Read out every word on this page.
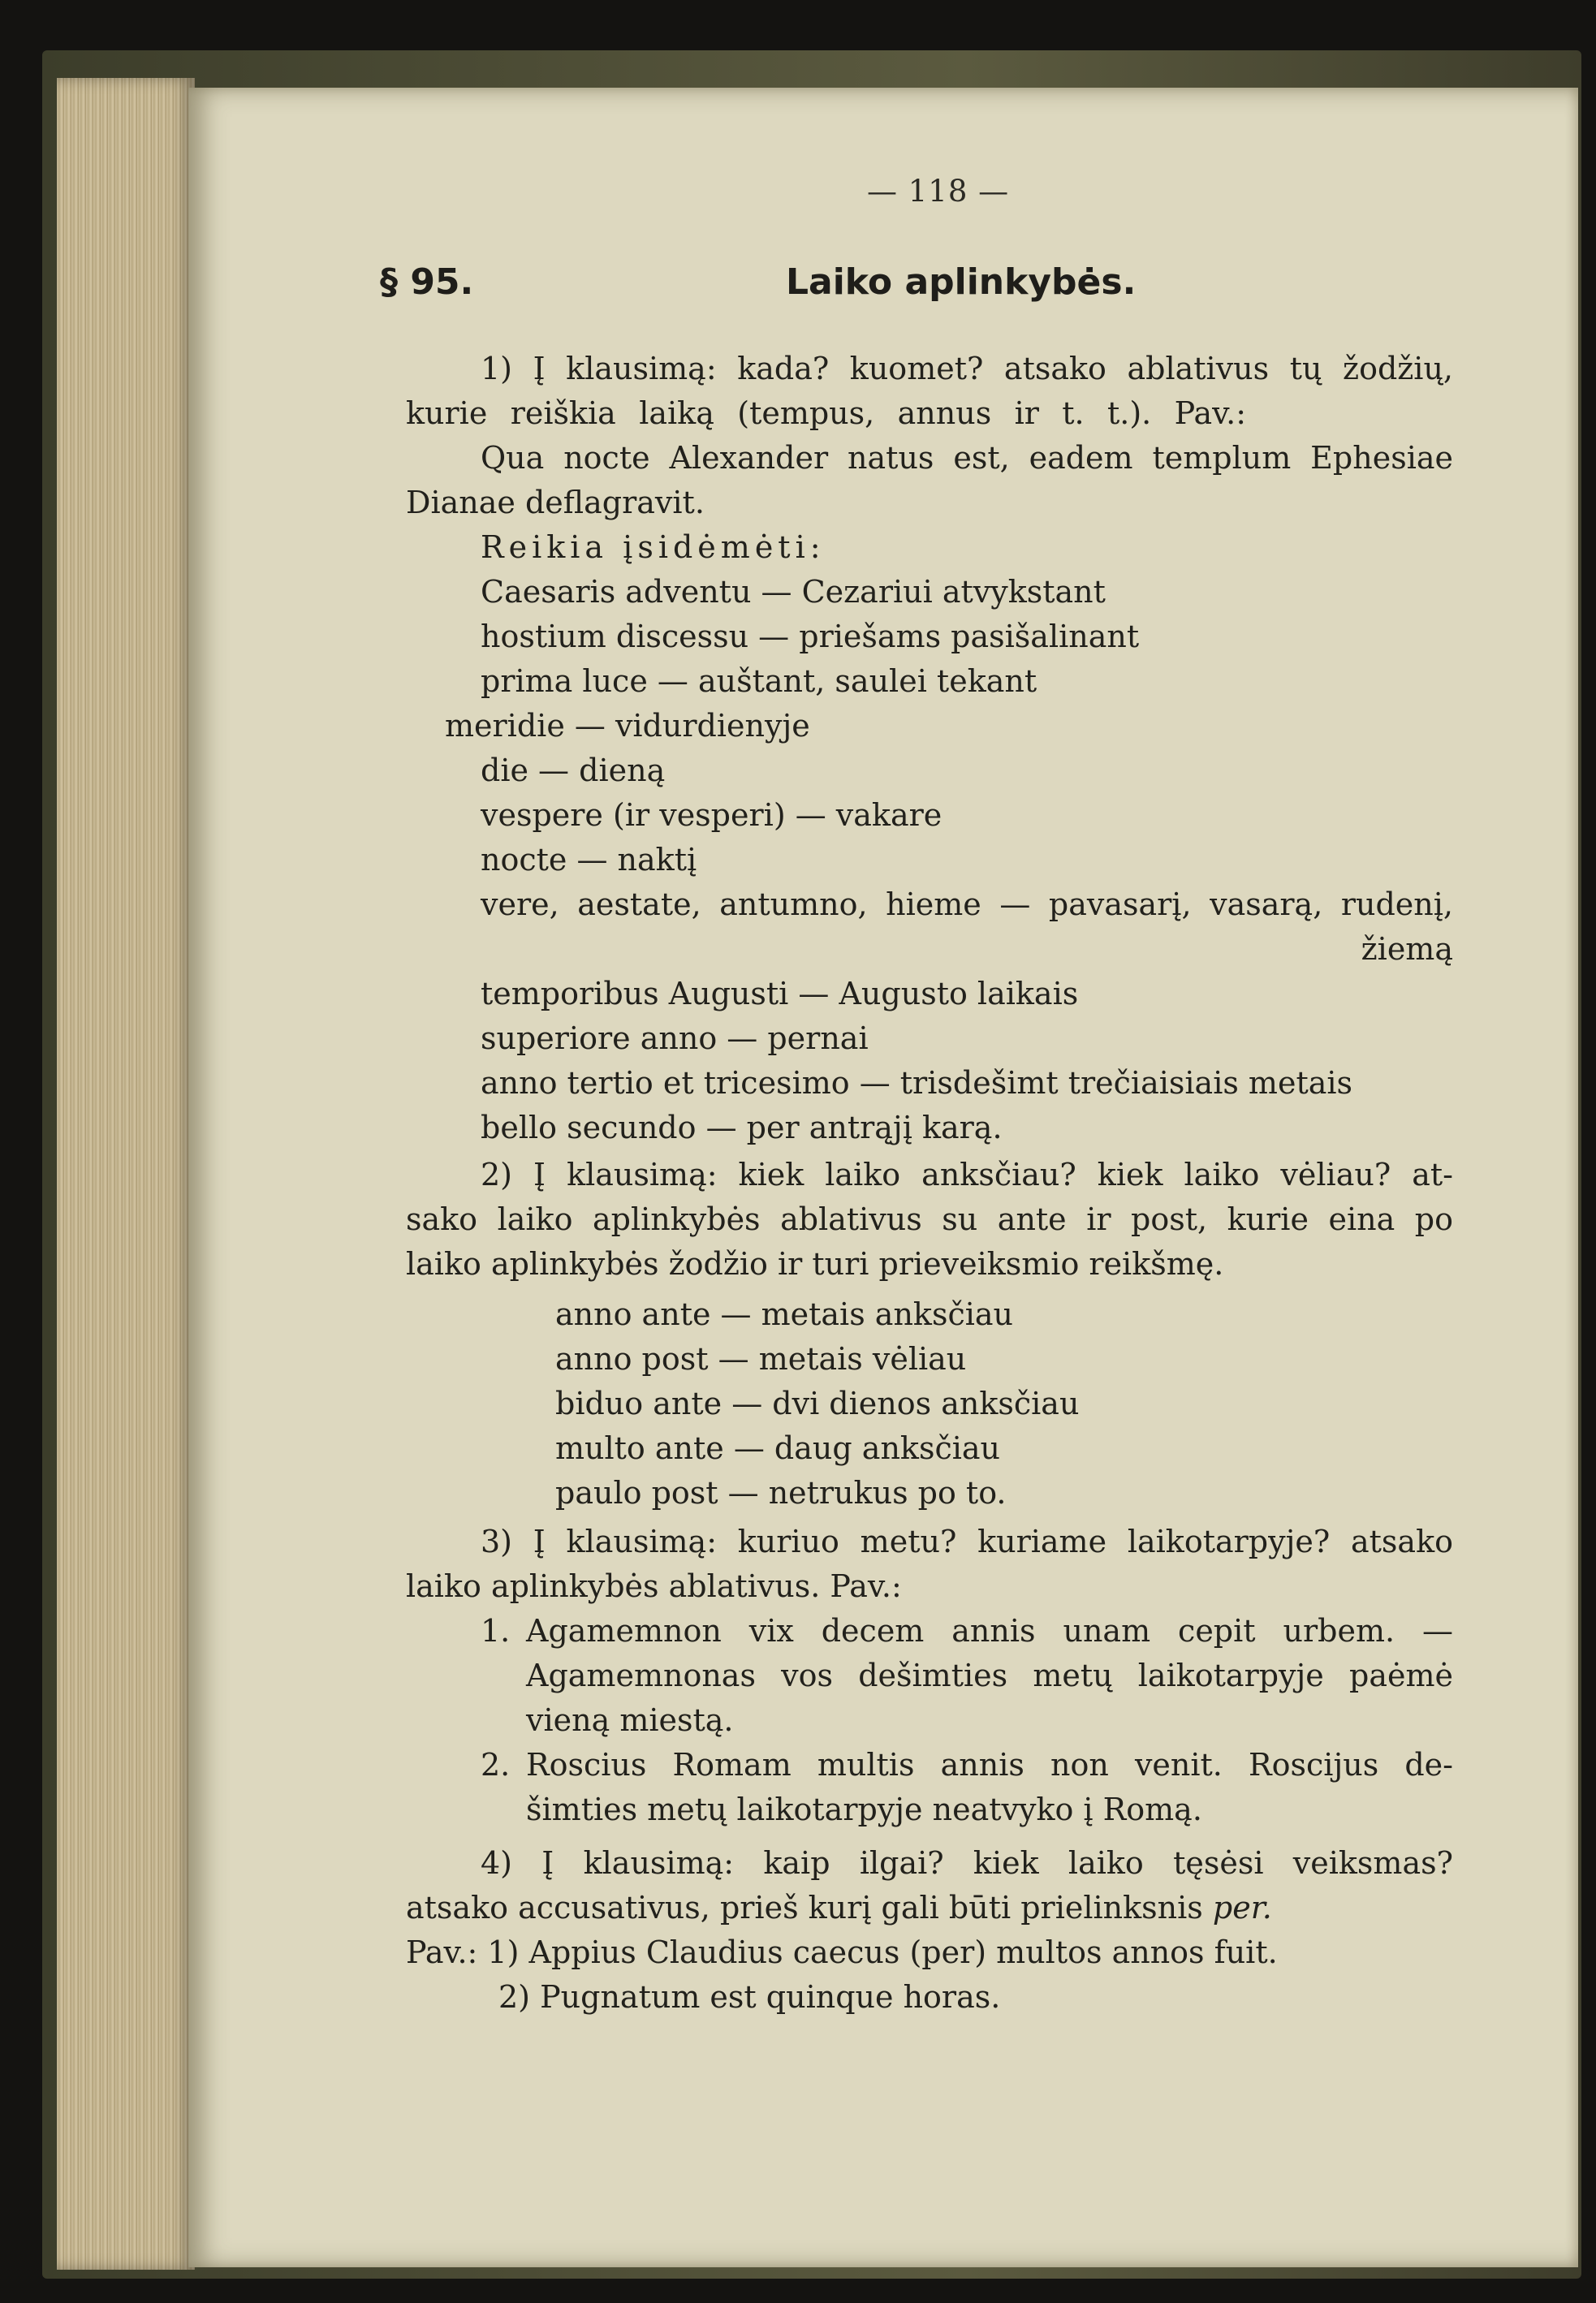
— 118 —
§ 95.	Laiko aplinkybės.

1) Į klausimą: kada? kuomet? atsako ablativus tų žodžių,

kurie reiškia laiką (tempus, annus ir t. t.). Pav.:

Qua nocte Alexander natus est, eadem templum Ephesiae

Dianae deflagravit.

Reikia įsidėmėti:

Caesaris adventu — Cezariui atvykstant

hostium discessu — priešams pasišalinant

prima luce — auštant, saulei tekant

meridie — vidurdienyje

die — dieną

vespere (ir vesperi) — vakare

nocte — naktį

vere, aestate, antumno, hieme — pavasarį, vasarą, rudenį,

žiemą

temporibus Augusti — Augusto laikais

superiore anno — pernai

anno tertio et tricesimo — trisdešimt trečiaisiais metais

bello secundo — per antrąjį karą.

2) Į klausimą: kiek laiko anksčiau? kiek laiko vėliau? at-

sako laiko aplinkybės ablativus su ante ir post, kurie eina po

laiko aplinkybės žodžio ir turi prieveiksmio reikšmę.

anno ante — metais anksčiau

anno post — metais vėliau

biduo ante — dvi dienos anksčiau

multo ante — daug anksčiau

paulo post — netrukus po to.

3) Į klausimą: kuriuo metu? kuriame laikotarpyje? atsako

laiko aplinkybės ablativus. Pav.:

1. Agamemnon vix decem annis unam cepit urbem. —

Agamemnonas vos dešimties metų laikotarpyje paėmė

vieną miestą.

2. Roscius Romam multis annis non venit. Roscijus de-

šimties metų laikotarpyje neatvyko į Romą.

4) Į klausimą: kaip ilgai? kiek laiko tęsėsi veiksmas?

atsako accusativus, prieš kurį gali būti prielinksnis per.

Pav.: 1) Appius Claudius caecus (per) multos annos fuit.

2) Pugnatum est quinque horas.
